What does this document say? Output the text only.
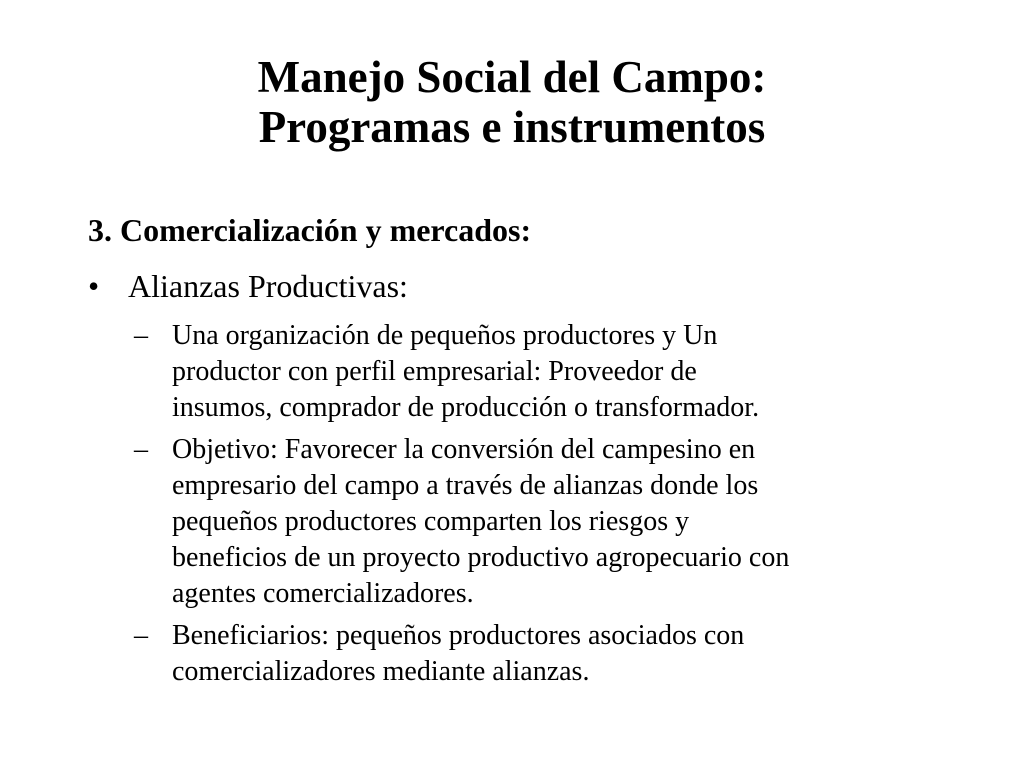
Manejo Social del Campo:
Programas e instrumentos
3. Comercialización y mercados:
• Alianzas Productivas:
– Una organización de pequeños productores y Un
productor con perfil empresarial: Proveedor de
insumos, comprador de producción o transformador.
– Objetivo: Favorecer la conversión del campesino en
empresario del campo a través de alianzas donde los
pequeños productores comparten los riesgos y
beneficios de un proyecto productivo agropecuario con
agentes comercializadores.
– Beneficiarios: pequeños productores asociados con
comercializadores mediante alianzas.
